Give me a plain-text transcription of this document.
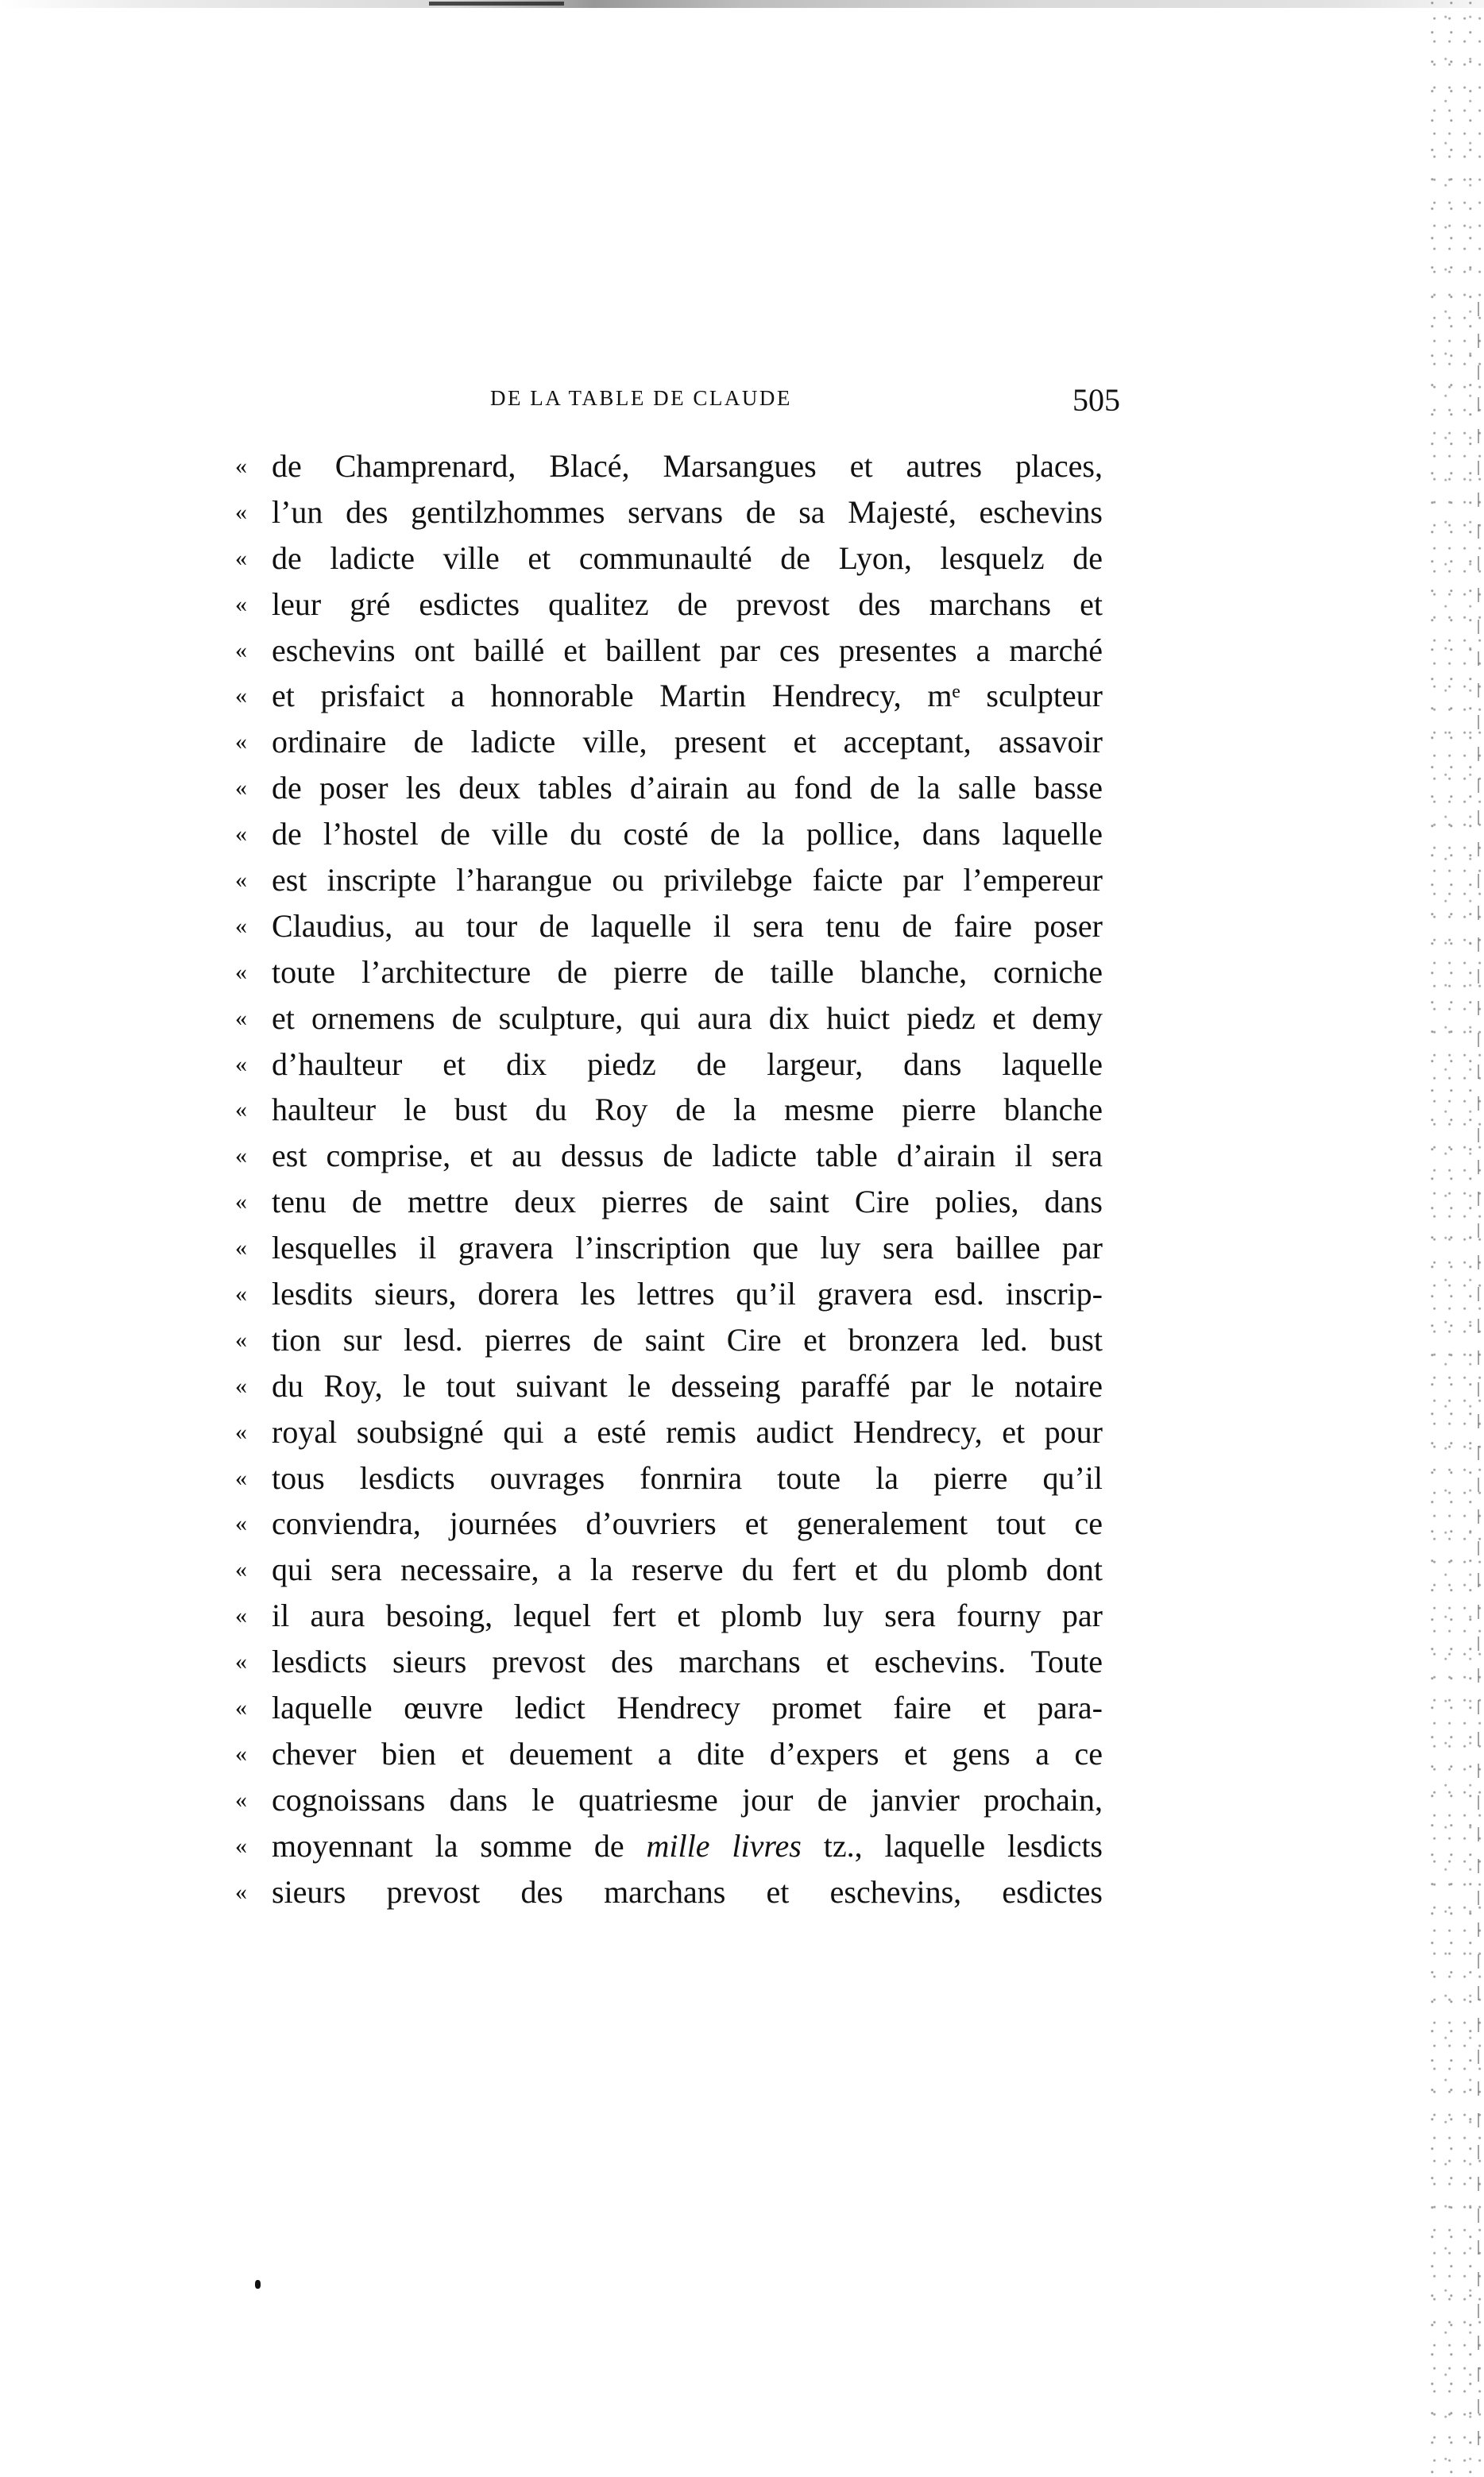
DE LA TABLE DE CLAUDE	505
« de Champrenard, Blacé, Marsangues et autres places,
« l’un des gentilzhommes servans de sa Majesté, eschevins
« de ladicte ville et communaulté de Lyon, lesquelz de
« leur gré esdictes qualitez de prevost des marchans et
« eschevins ont baillé et baillent par ces presentes a marché
« et prisfaict a honnorable Martin Hendrecy, mᵉ sculpteur
« ordinaire de ladicte ville, present et acceptant, assavoir
« de poser les deux tables d’airain au fond de la salle basse
« de l’hostel de ville du costé de la pollice, dans laquelle
« est inscripte l’harangue ou privilebge faicte par l’empereur
« Claudius, au tour de laquelle il sera tenu de faire poser
« toute l’architecture de pierre de taille blanche, corniche
« et ornemens de sculpture, qui aura dix huict piedz et demy
« d’haulteur et dix piedz de largeur, dans laquelle
« haulteur le bust du Roy de la mesme pierre blanche
« est comprise, et au dessus de ladicte table d’airain il sera
« tenu de mettre deux pierres de saint Cire polies, dans
« lesquelles il gravera l’inscription que luy sera baillee par
« lesdits sieurs, dorera les lettres qu’il gravera esd. inscrip-
« tion sur lesd. pierres de saint Cire et bronzera led. bust
« du Roy, le tout suivant le desseing paraffé par le notaire
« royal soubsigné qui a esté remis audict Hendrecy, et pour
« tous lesdicts ouvrages fonrnira toute la pierre qu’il
« conviendra, journées d’ouvriers et generalement tout ce
« qui sera necessaire, a la reserve du fert et du plomb dont
« il aura besoing, lequel fert et plomb luy sera fourny par
« lesdicts sieurs prevost des marchans et eschevins. Toute
« laquelle œuvre ledict Hendrecy promet faire et para-
« chever bien et deuement a dite d’expers et gens a ce
« cognoissans dans le quatriesme jour de janvier prochain,
« moyennant la somme de mille livres tz., laquelle lesdicts
« sieurs prevost des marchans et eschevins, esdictes
